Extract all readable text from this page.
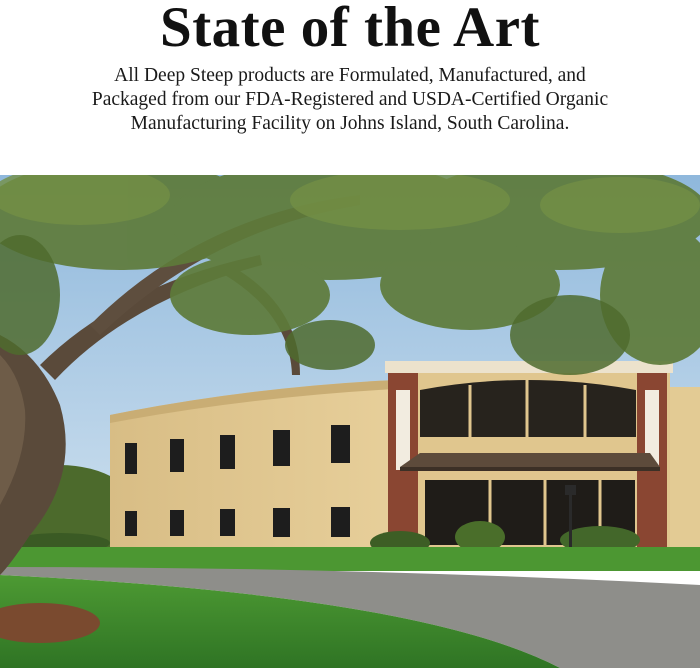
State of the Art

All Deep Steep products are Formulated, Manufactured, and
Packaged from our FDA-Registered and USDA-Certified Organic
Manufacturing Facility on Johns Island, South Carolina.
